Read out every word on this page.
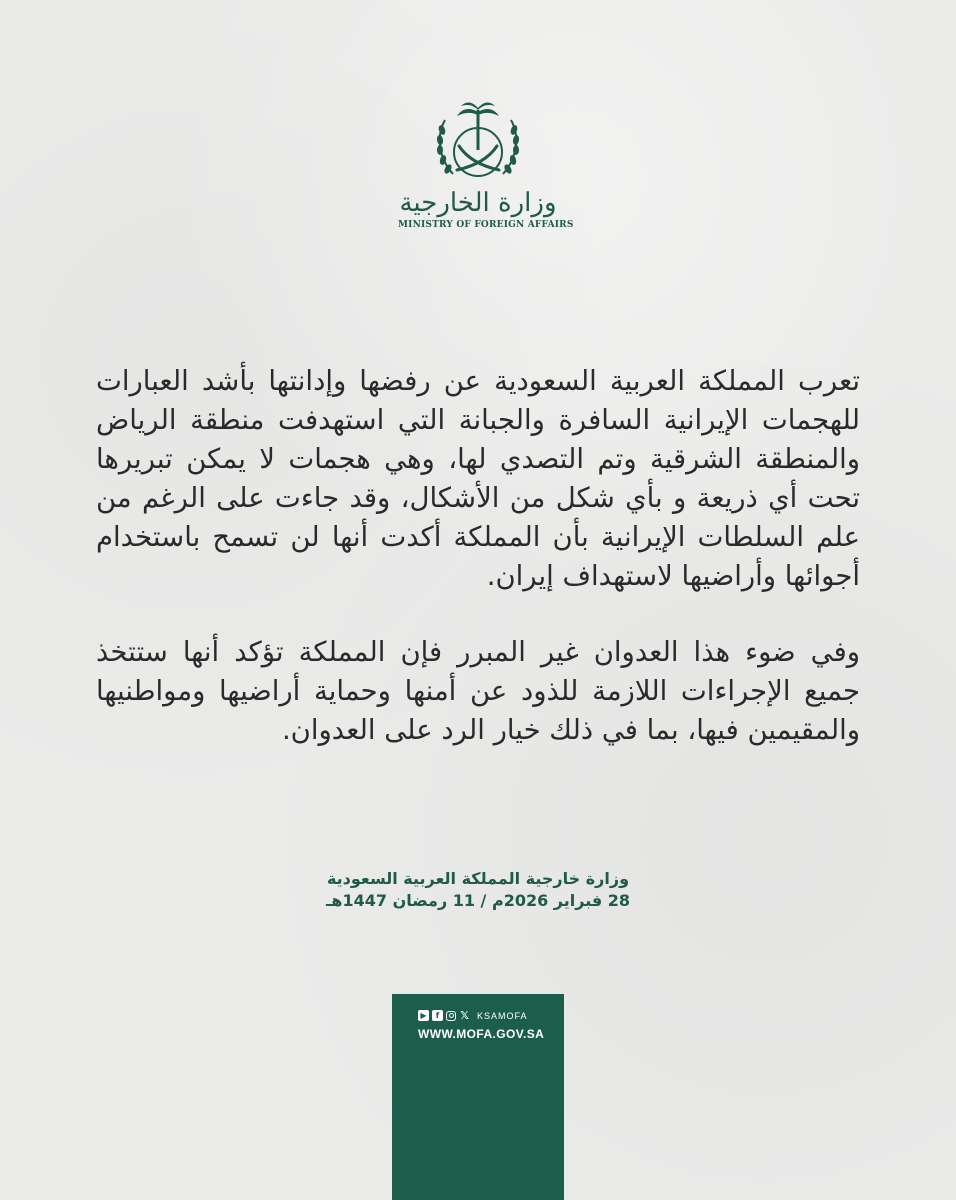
وزارة الخارجية
MINISTRY OF FOREIGN AFFAIRS

تعرب المملكة العربية السعودية عن رفضها وإدانتها بأشد العبارات للهجمات الإيرانية السافرة والجبانة التي استهدفت منطقة الرياض والمنطقة الشرقية وتم التصدي لها، وهي هجمات لا يمكن تبريرها تحت أي ذريعة و بأي شكل من الأشكال، وقد جاءت على الرغم من علم السلطات الإيرانية بأن المملكة أكدت أنها لن تسمح باستخدام أجوائها وأراضيها لاستهداف إيران.

وفي ضوء هذا العدوان غير المبرر فإن المملكة تؤكد أنها ستتخذ جميع الإجراءات اللازمة للذود عن أمنها وحماية أراضيها ومواطنيها والمقيمين فيها، بما في ذلك خيار الرد على العدوان.

وزارة خارجية المملكة العربية السعودية
28 فبراير 2026م / 11 رمضان 1447هـ
▶	f	𝕏 KSAMOFA
WWW.MOFA.GOV.SA
